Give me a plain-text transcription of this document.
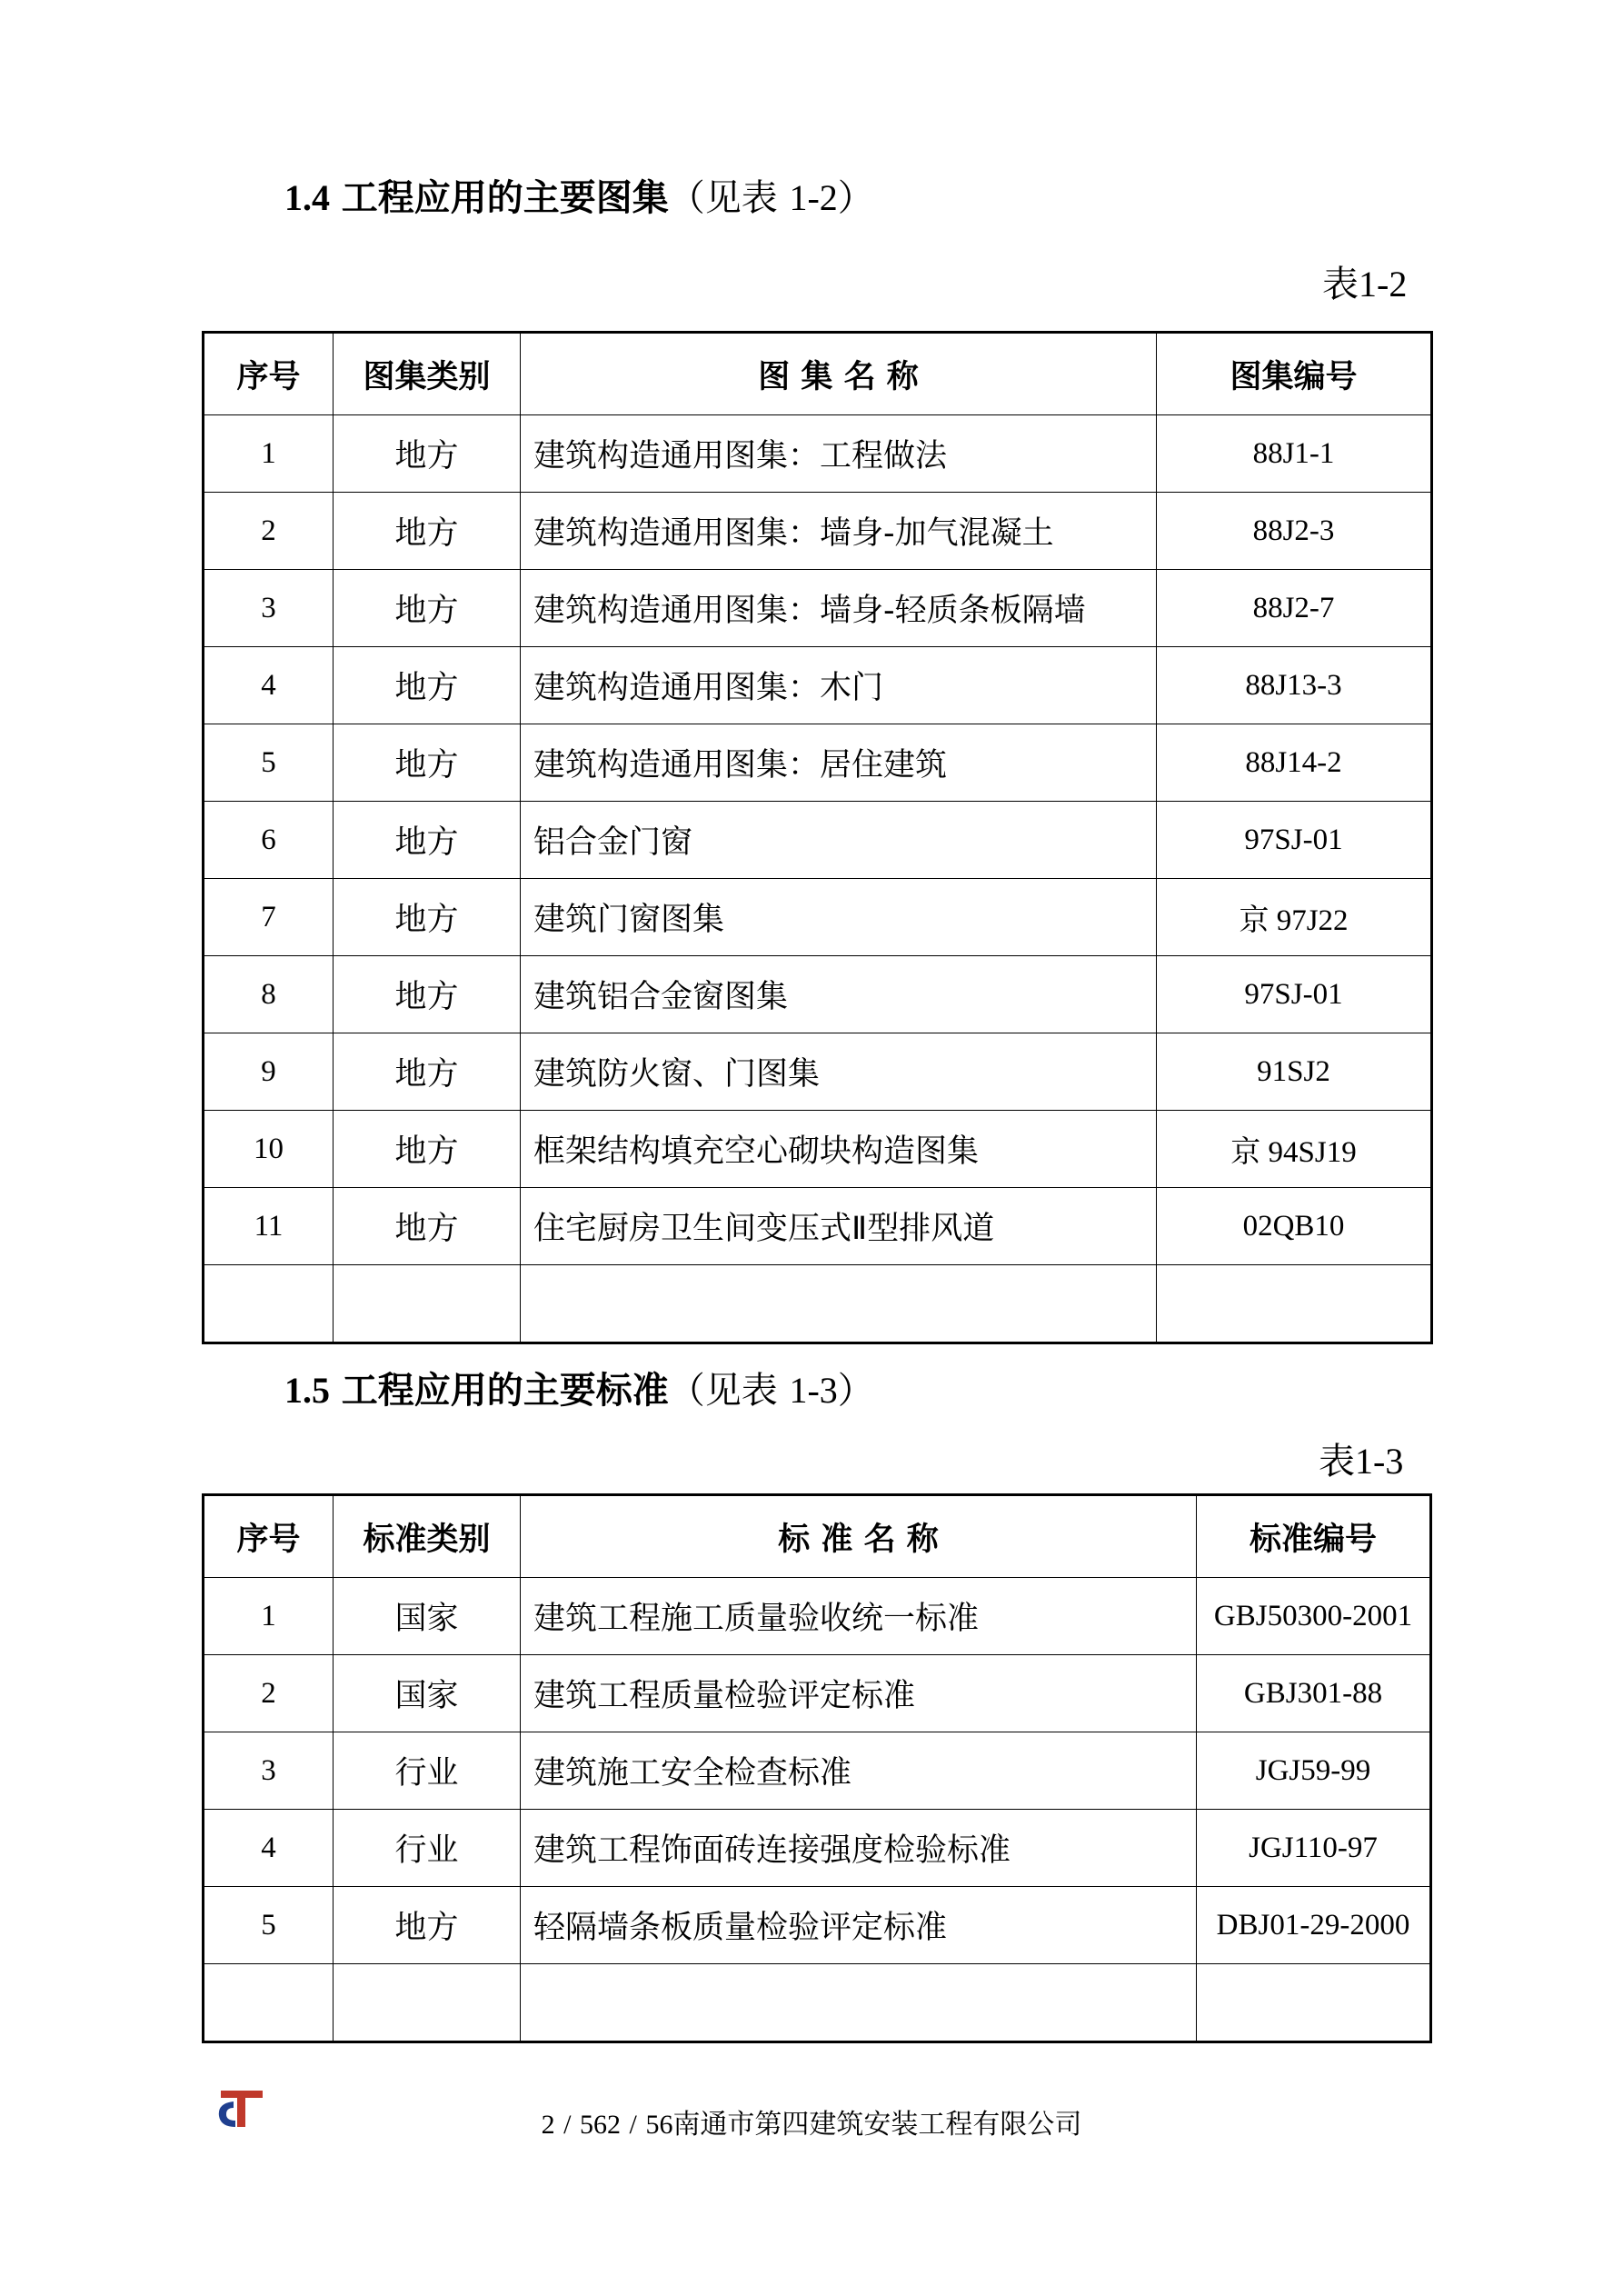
1.4 工程应用的主要图集（见表 1-2）
表1-2
序号	图集类别	图 集 名 称	图集编号
1	地方	建筑构造通用图集：工程做法	88J1-1
2	地方	建筑构造通用图集：墙身-加气混凝土	88J2-3
3	地方	建筑构造通用图集：墙身-轻质条板隔墙	88J2-7
4	地方	建筑构造通用图集：木门	88J13-3
5	地方	建筑构造通用图集：居住建筑	88J14-2
6	地方	铝合金门窗	97SJ-01
7	地方	建筑门窗图集	京 97J22
8	地方	建筑铝合金窗图集	97SJ-01
9	地方	建筑防火窗、门图集	91SJ2
10	地方	框架结构填充空心砌块构造图集	京 94SJ19
11	地方	住宅厨房卫生间变压式Ⅱ型排风道	02QB10

1.5 工程应用的主要标准（见表 1-3）
表1-3
序号	标准类别	标 准 名 称	标准编号
1	国家	建筑工程施工质量验收统一标准	GBJ50300-2001
2	国家	建筑工程质量检验评定标准	GBJ301-88
3	行业	建筑施工安全检查标准	JGJ59-99
4	行业	建筑工程饰面砖连接强度检验标准	JGJ110-97
5	地方	轻隔墙条板质量检验评定标准	DBJ01-29-2000

2 / 562 / 56南通市第四建筑安装工程有限公司
